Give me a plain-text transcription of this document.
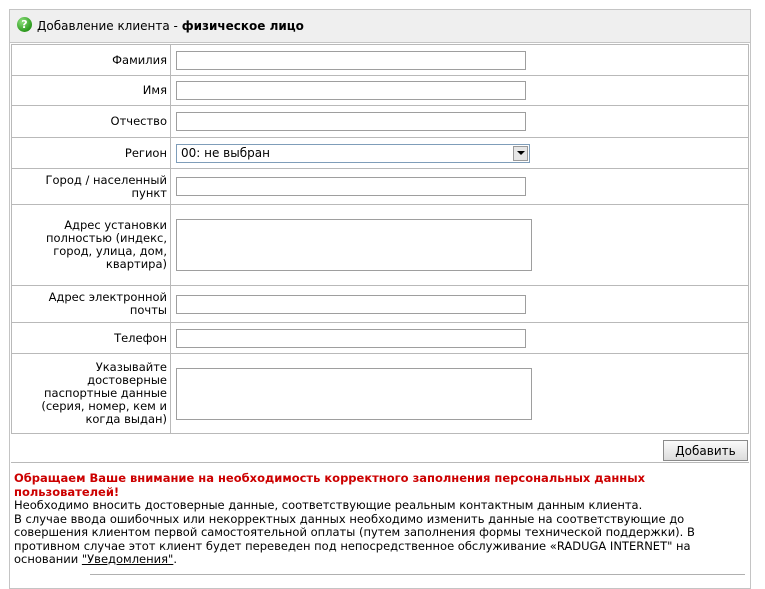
? Добавление клиента - физическое лицо
Фамилия	

Имя	

Отчество	

Регион	00: не выбран

Город / населенный пункт	

Адрес установки полностью (индекс, город, улица, дом, квартира)	

Адрес электронной почты	

Телефон	

Указывайте достоверные паспортные данные (серия, номер, кем и когда выдан)	
Добавить

Обращаем Ваше внимание на необходимость корректного заполнения персональных данных пользователей!

Необходимо вносить достоверные данные, соответствующие реальным контактным данным клиента.

В случае ввода ошибочных или некорректных данных необходимо изменить данные на соответствующие до совершения клиентом первой самостоятельной оплаты (путем заполнения формы технической поддержки). В противном случае этот клиент будет переведен под непосредственное обслуживание «RADUGA INTERNET" на основании "Уведомления".
